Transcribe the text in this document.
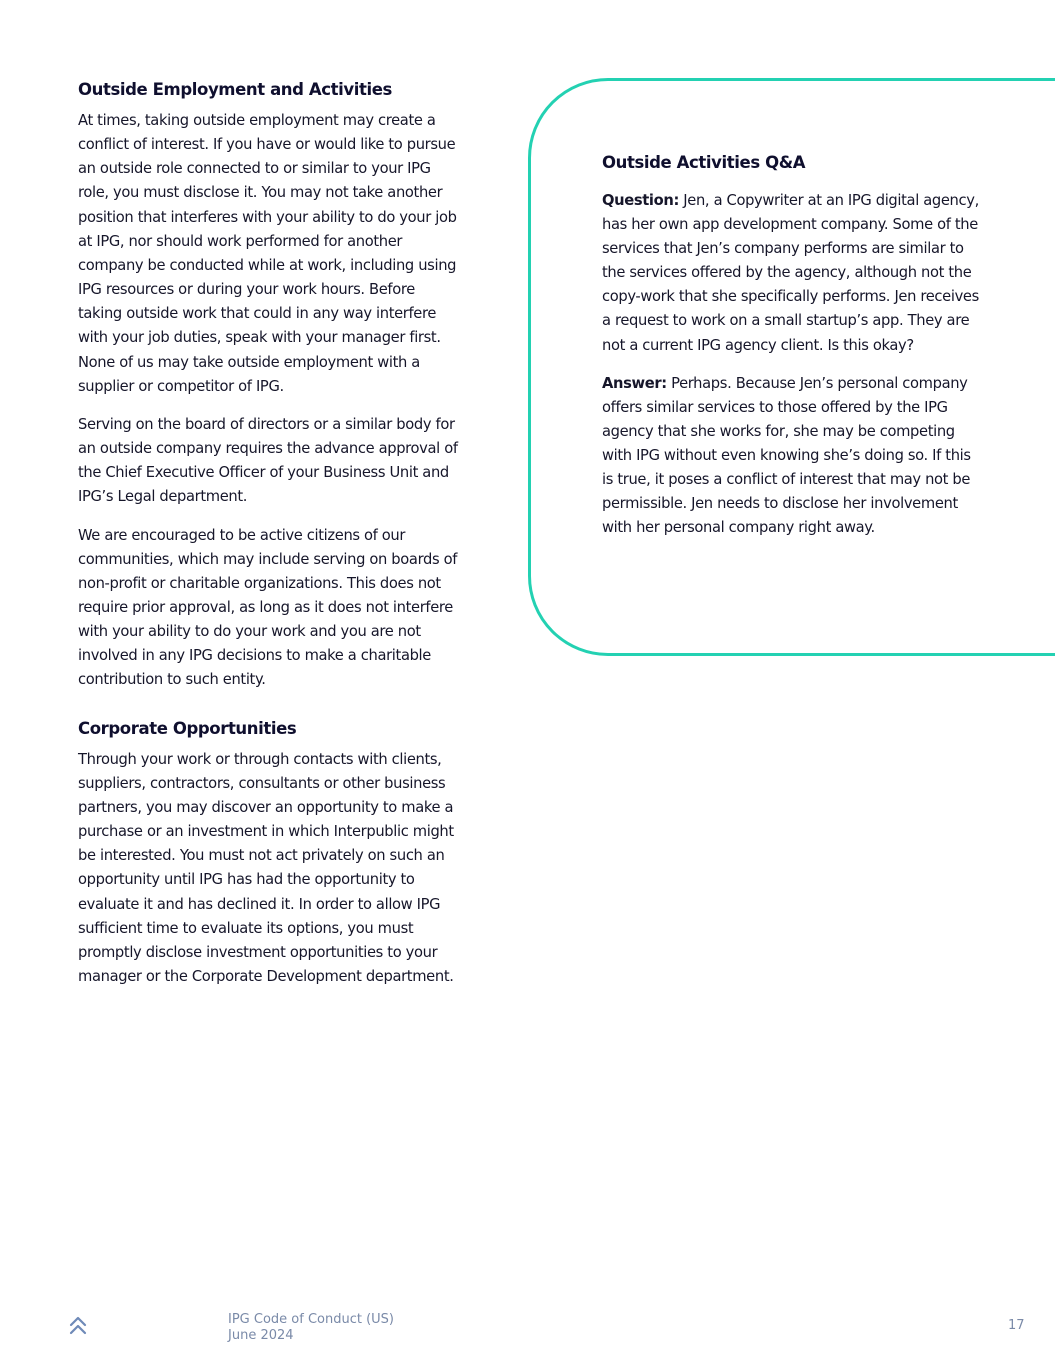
Outside Employment and Activities

At times, taking outside employment may create a conflict of interest. If you have or would like to pursue an outside role connected to or similar to your IPG role, you must disclose it. You may not take another position that interferes with your ability to do your job at IPG, nor should work performed for another company be conducted while at work, including using IPG resources or during your work hours. Before taking outside work that could in any way interfere with your job duties, speak with your manager first. None of us may take outside employment with a supplier or competitor of IPG.

Serving on the board of directors or a similar body for an outside company requires the advance approval of the Chief Executive Officer of your Business Unit and IPG’s Legal department.

We are encouraged to be active citizens of our communities, which may include serving on boards of non-profit or charitable organizations. This does not require prior approval, as long as it does not interfere with your ability to do your work and you are not involved in any IPG decisions to make a charitable contribution to such entity.

Corporate Opportunities

Through your work or through contacts with clients, suppliers, contractors, consultants or other business partners, you may discover an opportunity to make a purchase or an investment in which Interpublic might be interested. You must not act privately on such an opportunity until IPG has had the opportunity to evaluate it and has declined it. In order to allow IPG sufficient time to evaluate its options, you must promptly disclose investment opportunities to your manager or the Corporate Development department.

Outside Activities Q&A

Question: Jen, a Copywriter at an IPG digital agency, has her own app development company. Some of the services that Jen’s company performs are similar to the services offered by the agency, although not the copy-work that she specifically performs. Jen receives a request to work on a small startup’s app. They are not a current IPG agency client. Is this okay?

Answer: Perhaps. Because Jen’s personal company offers similar services to those offered by the IPG agency that she works for, she may be competing with IPG without even knowing she’s doing so. If this is true, it poses a conflict of interest that may not be permissible. Jen needs to disclose her involvement with her personal company right away.

IPG Code of Conduct (US)
June 2024
17
